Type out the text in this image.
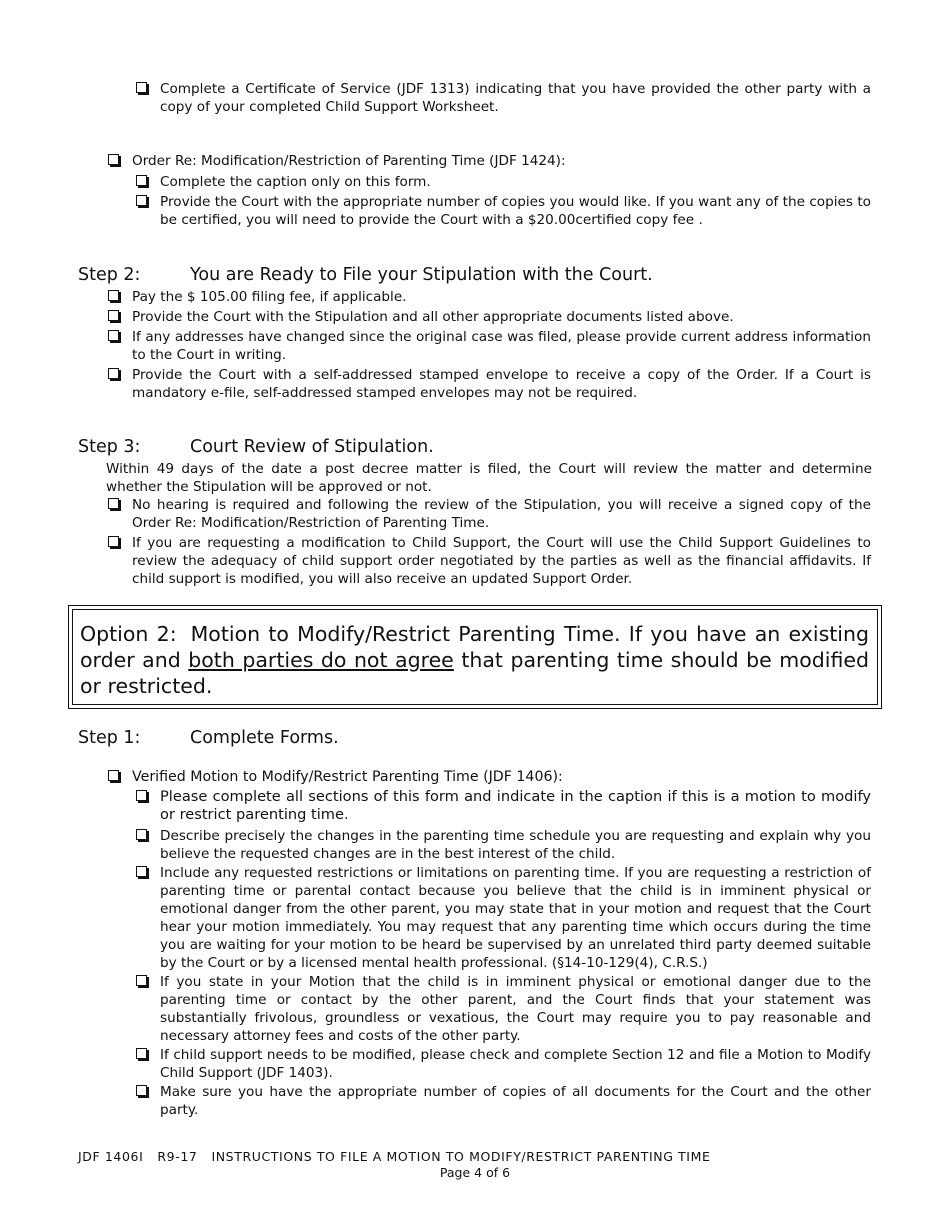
Complete a Certificate of Service (JDF 1313) indicating that you have provided the other party with a copy of your completed Child Support Worksheet.
Order Re: Modification/Restriction of Parenting Time (JDF 1424):
Complete the caption only on this form.
Provide the Court with the appropriate number of copies you would like. If you want any of the copies to be certified, you will need to provide the Court with a $20.00certified copy fee .
Step 2:	You are Ready to File your Stipulation with the Court.
Pay the $ 105.00 filing fee, if applicable.
Provide the Court with the Stipulation and all other appropriate documents listed above.
If any addresses have changed since the original case was filed, please provide current address information to the Court in writing.
Provide the Court with a self-addressed stamped envelope to receive a copy of the Order. If a Court is mandatory e-file, self-addressed stamped envelopes may not be required.
Step 3:	Court Review of Stipulation.
Within 49 days of the date a post decree matter is filed, the Court will review the matter and determine whether the Stipulation will be approved or not.
No hearing is required and following the review of the Stipulation, you will receive a signed copy of the Order Re: Modification/Restriction of Parenting Time.
If you are requesting a modification to Child Support, the Court will use the Child Support Guidelines to review the adequacy of child support order negotiated by the parties as well as the financial affidavits. If child support is modified, you will also receive an updated Support Order.
Option 2: Motion to Modify/Restrict Parenting Time. If you have an existing order and both parties do not agree that parenting time should be modified or restricted.
Step 1:	Complete Forms.
Verified Motion to Modify/Restrict Parenting Time (JDF 1406):
Please complete all sections of this form and indicate in the caption if this is a motion to modify or restrict parenting time.
Describe precisely the changes in the parenting time schedule you are requesting and explain why you believe the requested changes are in the best interest of the child.
Include any requested restrictions or limitations on parenting time. If you are requesting a restriction of parenting time or parental contact because you believe that the child is in imminent physical or emotional danger from the other parent, you may state that in your motion and request that the Court hear your motion immediately. You may request that any parenting time which occurs during the time you are waiting for your motion to be heard be supervised by an unrelated third party deemed suitable by the Court or by a licensed mental health professional. (§14-10-129(4), C.R.S.)
If you state in your Motion that the child is in imminent physical or emotional danger due to the parenting time or contact by the other parent, and the Court finds that your statement was substantially frivolous, groundless or vexatious, the Court may require you to pay reasonable and necessary attorney fees and costs of the other party.
If child support needs to be modified, please check and complete Section 12 and file a Motion to Modify Child Support (JDF 1403).
Make sure you have the appropriate number of copies of all documents for the Court and the other party.
JDF 1406I R9-17 INSTRUCTIONS TO FILE A MOTION TO MODIFY/RESTRICT PARENTING TIME
Page 4 of 6
